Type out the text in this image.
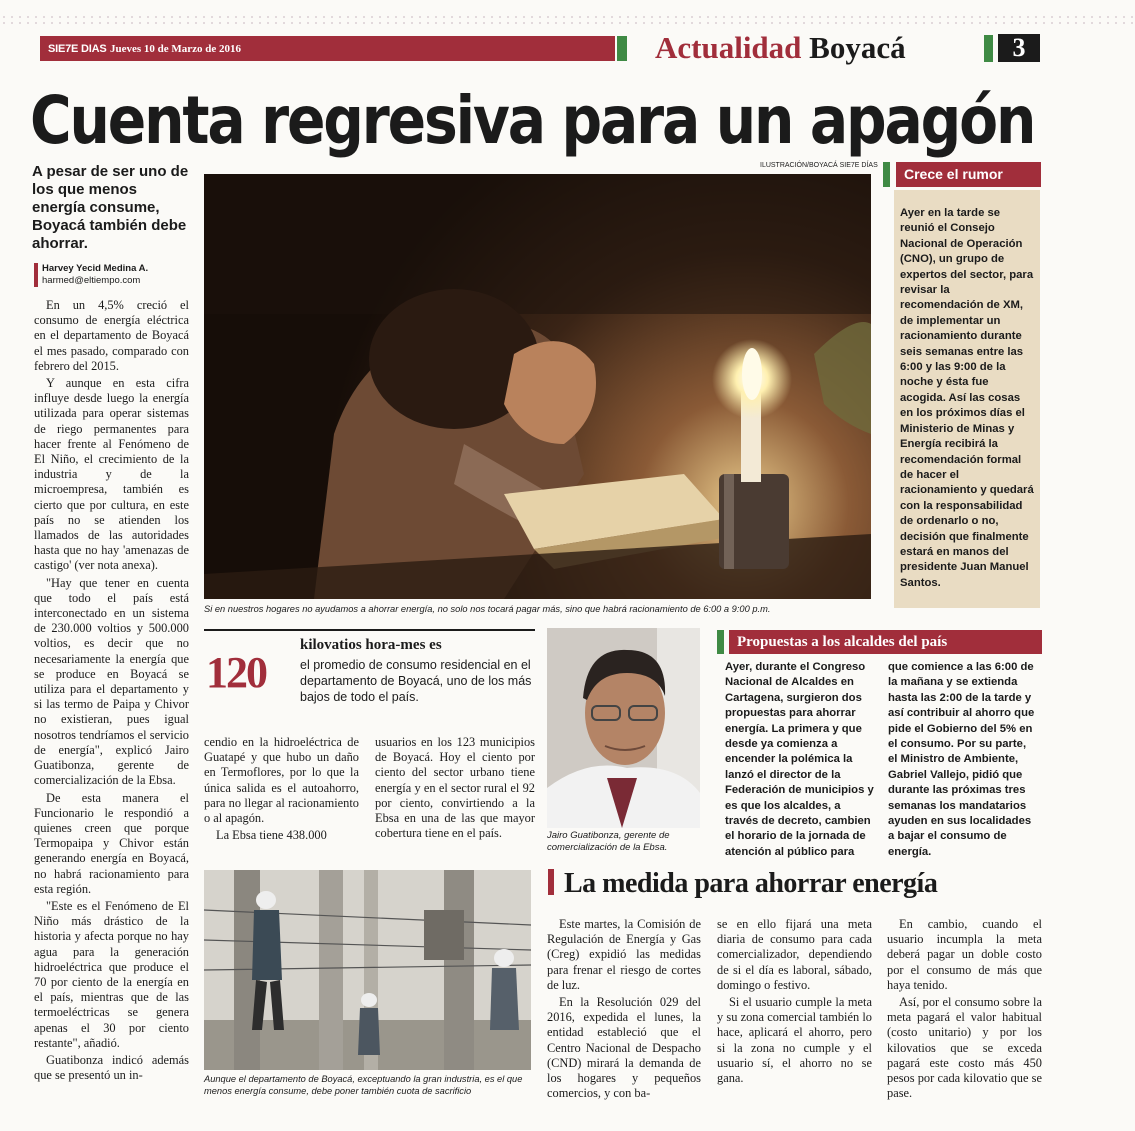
SIE7E DIAS Jueves 10 de Marzo de 2016	Actualidad Boyacá	3
Cuenta regresiva para un apagón
A pesar de ser uno de los que menos energía consume, Boyacá también debe ahorrar.
Harvey Yecid Medina A.
harmed@eltiempo.com

En un 4,5% creció el consumo de energía eléctrica en el departamento de Boyacá el mes pasado, comparado con febrero del 2015.

Y aunque en esta cifra influye desde luego la energía utilizada para operar sistemas de riego permanentes para hacer frente al Fenómeno de El Niño, el crecimiento de la industria y de la microempresa, también es cierto que por cultura, en este país no se atienden los llamados de las autoridades hasta que no hay 'amenazas de castigo' (ver nota anexa).

"Hay que tener en cuenta que todo el país está interconectado en un sistema de 230.000 voltios y 500.000 voltios, es decir que no necesariamente la energía que se produce en Boyacá se utiliza para el departamento y si las termo de Paipa y Chivor no existieran, pues igual nosotros tendríamos el servicio de energía", explicó Jairo Guatibonza, gerente de comercialización de la Ebsa.

De esta manera el Funcionario le respondió a quienes creen que porque Termopaipa y Chivor están generando energía en Boyacá, no habrá racionamiento para esta región.

"Este es el Fenómeno de El Niño más drástico de la historia y afecta porque no hay agua para la generación hidroeléctrica que produce el 70 por ciento de la energía en el país, mientras que de las termoeléctricas se genera apenas el 30 por ciento restante", añadió.

Guatibonza indicó además que se presentó un in-

ILUSTRACIÓN/BOYACÁ SIE7E DÍAS
Si en nuestros hogares no ayudamos a ahorrar energía, no solo nos tocará pagar más, sino que habrá racionamiento de 6:00 a 9:00 p.m.
Crece el rumor
Ayer en la tarde se reunió el Consejo Nacional de Operación (CNO), un grupo de expertos del sector, para revisar la recomendación de XM, de implementar un racionamiento durante seis semanas entre las 6:00 y las 9:00 de la noche y ésta fue acogida. Así las cosas en los próximos días el Ministerio de Minas y Energía recibirá la recomendación formal de hacer el racionamiento y quedará con la responsabilidad de ordenarlo o no, decisión que finalmente estará en manos del presidente Juan Manuel Santos.
120
kilovatios hora-mes es
el promedio de consumo residencial en el departamento de Boyacá, uno de los más bajos de todo el país.

cendio en la hidroeléctrica de Guatapé y que hubo un daño en Termoflores, por lo que la única salida es el autoahorro, para no llegar al racionamiento o al apagón.

La Ebsa tiene 438.000

usuarios en los 123 municipios de Boyacá. Hoy el ciento por ciento del sector urbano tiene energía y en el sector rural el 92 por ciento, convirtiendo a la Ebsa en una de las que mayor cobertura tiene en el país.	Jairo Guatibonza, gerente de comercialización de la Ebsa.
Propuestas a los alcaldes del país
Ayer, durante el Congreso Nacional de Alcaldes en Cartagena, surgieron dos propuestas para ahorrar energía. La primera y que desde ya comienza a encender la polémica la lanzó el director de la Federación de municipios y es que los alcaldes, a través de decreto, cambien el horario de la jornada de atención al público para
que comience a las 6:00 de la mañana y se extienda hasta las 2:00 de la tarde y así contribuir al ahorro que pide el Gobierno del 5% en el consumo. Por su parte, el Ministro de Ambiente, Gabriel Vallejo, pidió que durante las próximas tres semanas los mandatarios ayuden en sus localidades a bajar el consumo de energía.
La medida para ahorrar energía

Este martes, la Comisión de Regulación de Energía y Gas (Creg) expidió las medidas para frenar el riesgo de cortes de luz.

En la Resolución 029 del 2016, expedida el lunes, la entidad estableció que el Centro Nacional de Despacho (CND) mirará la demanda de los hogares y pequeños comercios, y con ba-

se en ello fijará una meta diaria de consumo para cada comercializador, dependiendo de si el día es laboral, sábado, domingo o festivo.

Si el usuario cumple la meta y su zona comercial también lo hace, aplicará el ahorro, pero si la zona no cumple y el usuario sí, el ahorro no se gana.

En cambio, cuando el usuario incumpla la meta deberá pagar un doble costo por el consumo de más que haya tenido.

Así, por el consumo sobre la meta pagará el valor habitual (costo unitario) y por los kilovatios que se exceda pagará este costo más 450 pesos por cada kilovatio que se pase.

Aunque el departamento de Boyacá, exceptuando la gran industria, es el que menos energía consume, debe poner también cuota de sacrificio
